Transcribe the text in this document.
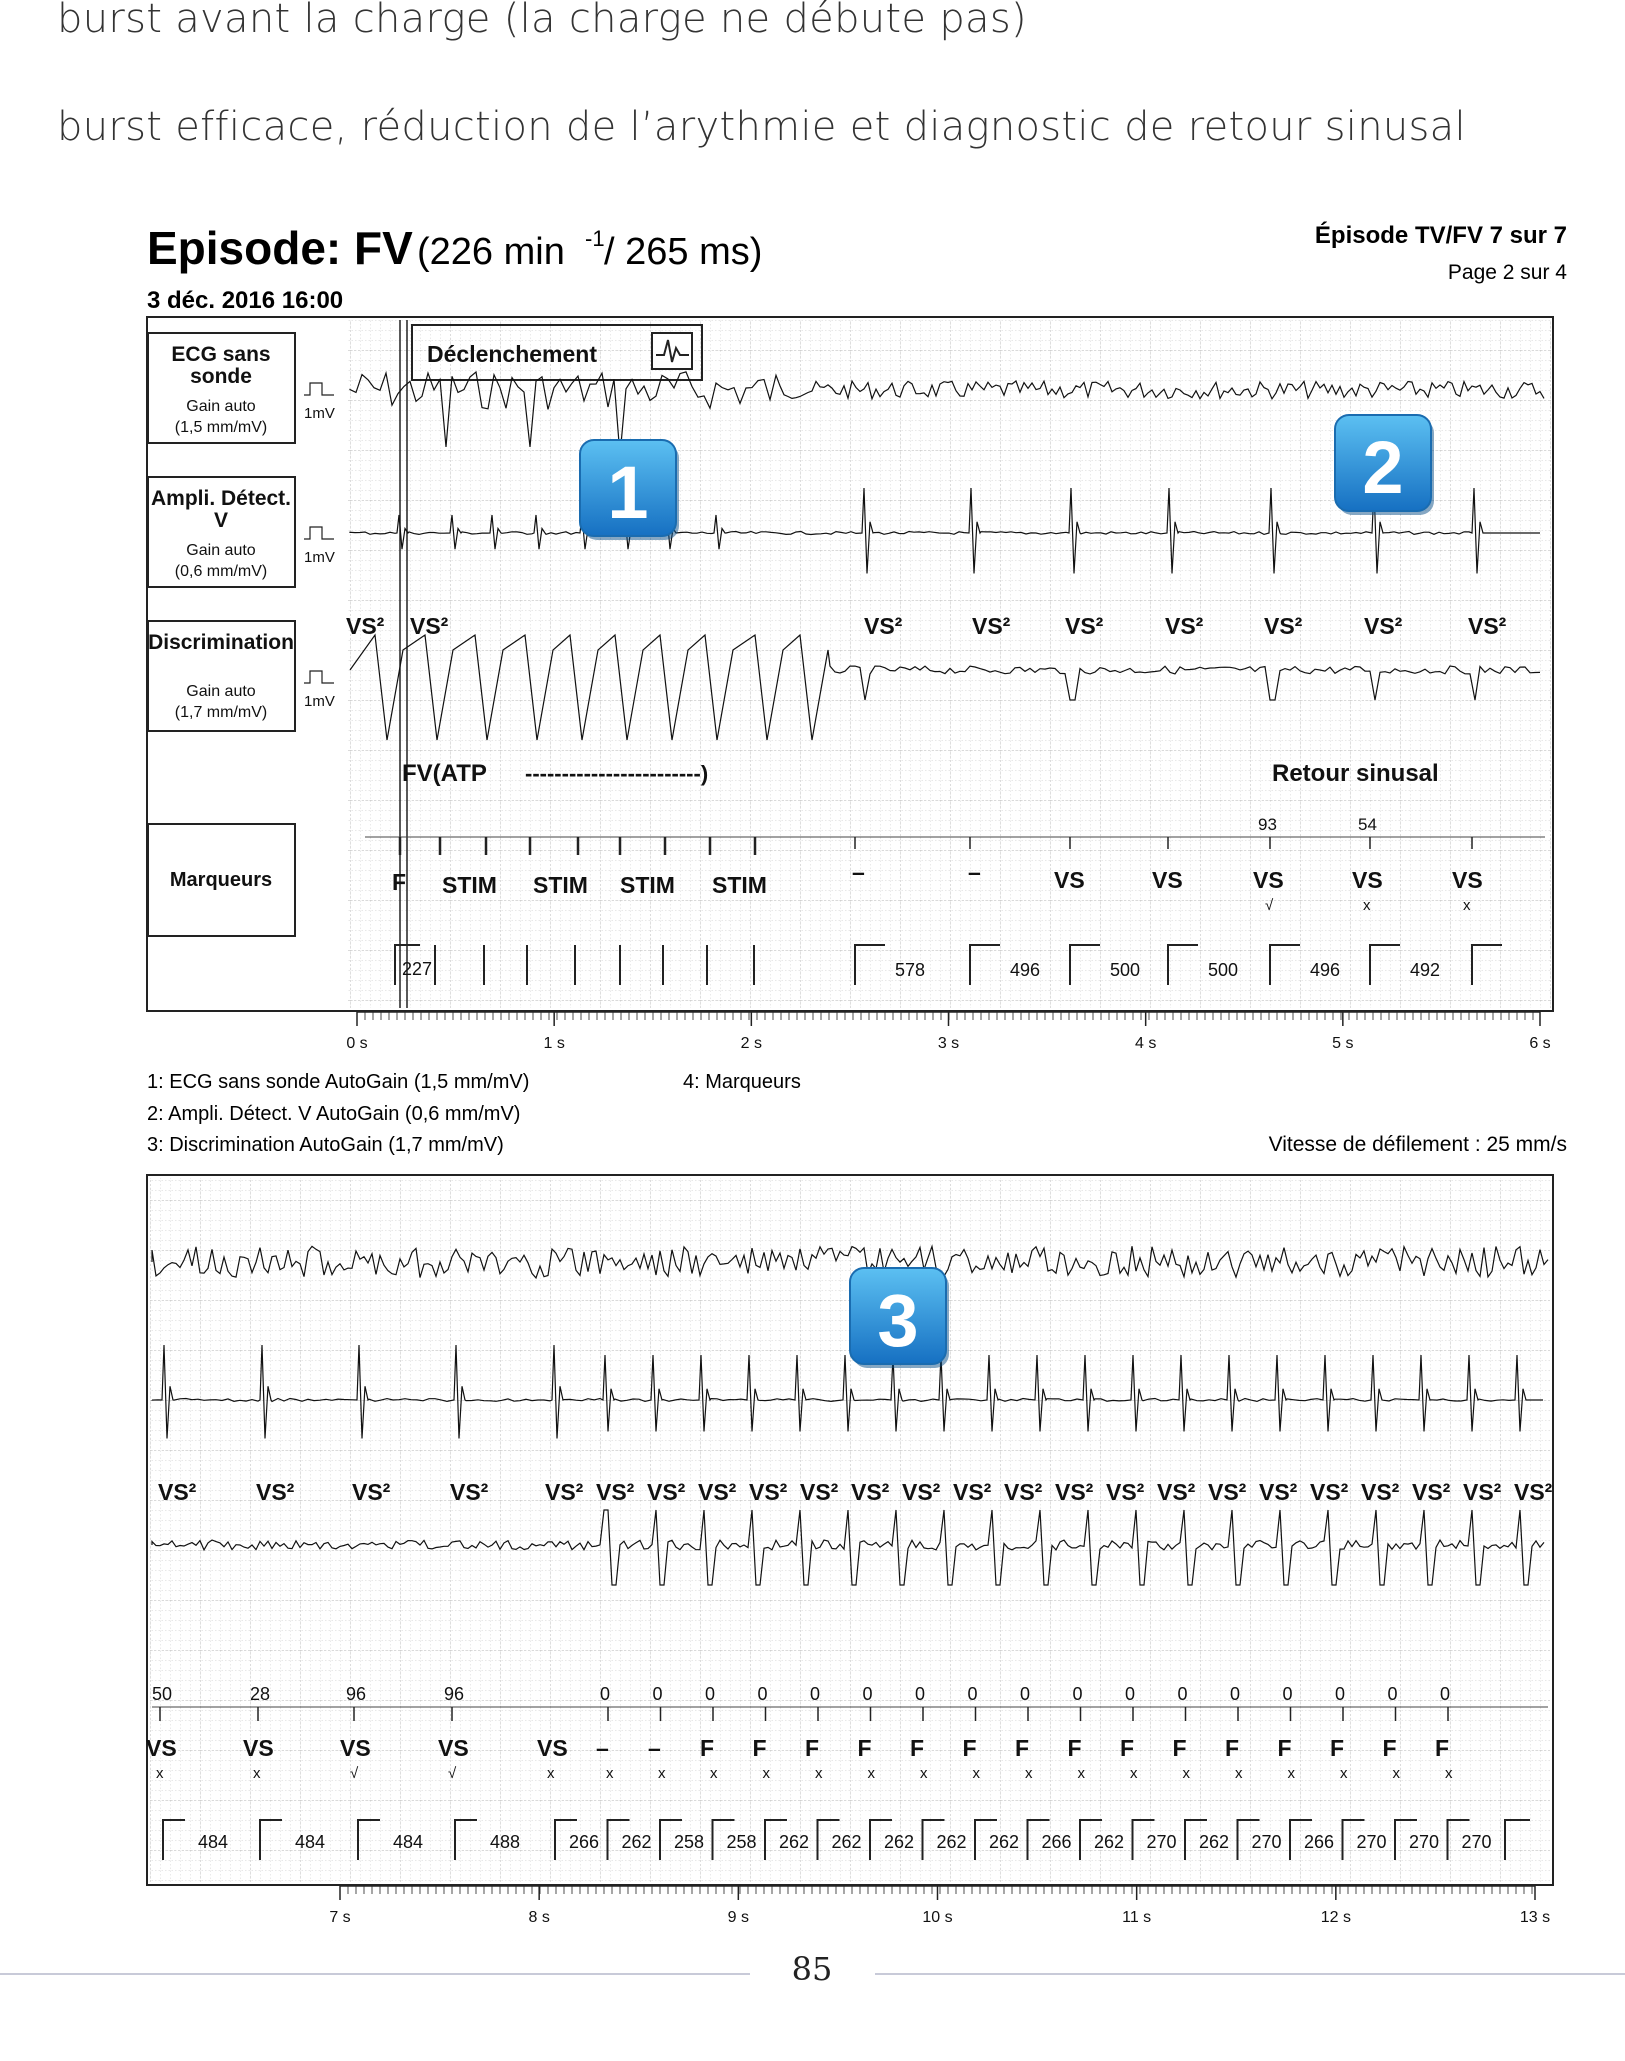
burst avant la charge (la charge ne débute pas)
burst efficace, réduction de l’arythmie et diagnostic de retour sinusal
Episode: FV (226 min -1 / 265 ms)
3 déc. 2016 16:00
Épisode TV/FV 7 sur 7
Page 2 sur 4
ECG sans
sonde
Gain auto
(1,5 mm/mV)
1mV
Ampli. Détect.
V
Gain auto
(0,6 mm/mV)
1mV
Discrimination
Gain auto
(1,7 mm/mV)
1mV
Marqueurs
Déclenchement
VS² VS²	VS²	VS² VS²	VS²	VS²	VS²	VS²
FV(ATP ------------------------)	Retour sinusal
F STIM STIM STIM STIM	–	–	VS	VS	VS	VS	VS
93	54
√	x	x
227	578	496	500	500	496	492
0 s	1 s	2 s	3 s	4 s	5 s	6 s
1: ECG sans sonde AutoGain (1,5 mm/mV)
2: Ampli. Détect. V AutoGain (0,6 mm/mV)
3: Discrimination AutoGain (1,7 mm/mV)
4: Marqueurs
Vitesse de défilement : 25 mm/s
VS²	VS²	VS²	VS² VS² VS² VS² VS² VS² VS² VS² VS² VS² VS² VS² VS² VS² VS² VS² VS² VS² VS² VS² VS²
50	28	96	96	0 0 0 0 0 0 0 0 0 0 0 0 0 0 0 0 0
VS	VS	VS	VS	VS – – F F F F F F F F F F F F F F F
x	x	√	√	x	x	x	x	x	x	x	x	x	x	x	x	x	x	x	x	x	x
484	484	484	488	266 262 258 258 262 262 262 262 262 266 262 270 262 270 266 270 270 270
7 s	8 s	9 s	10 s	11 s	12 s	13 s
1	2
3
85
